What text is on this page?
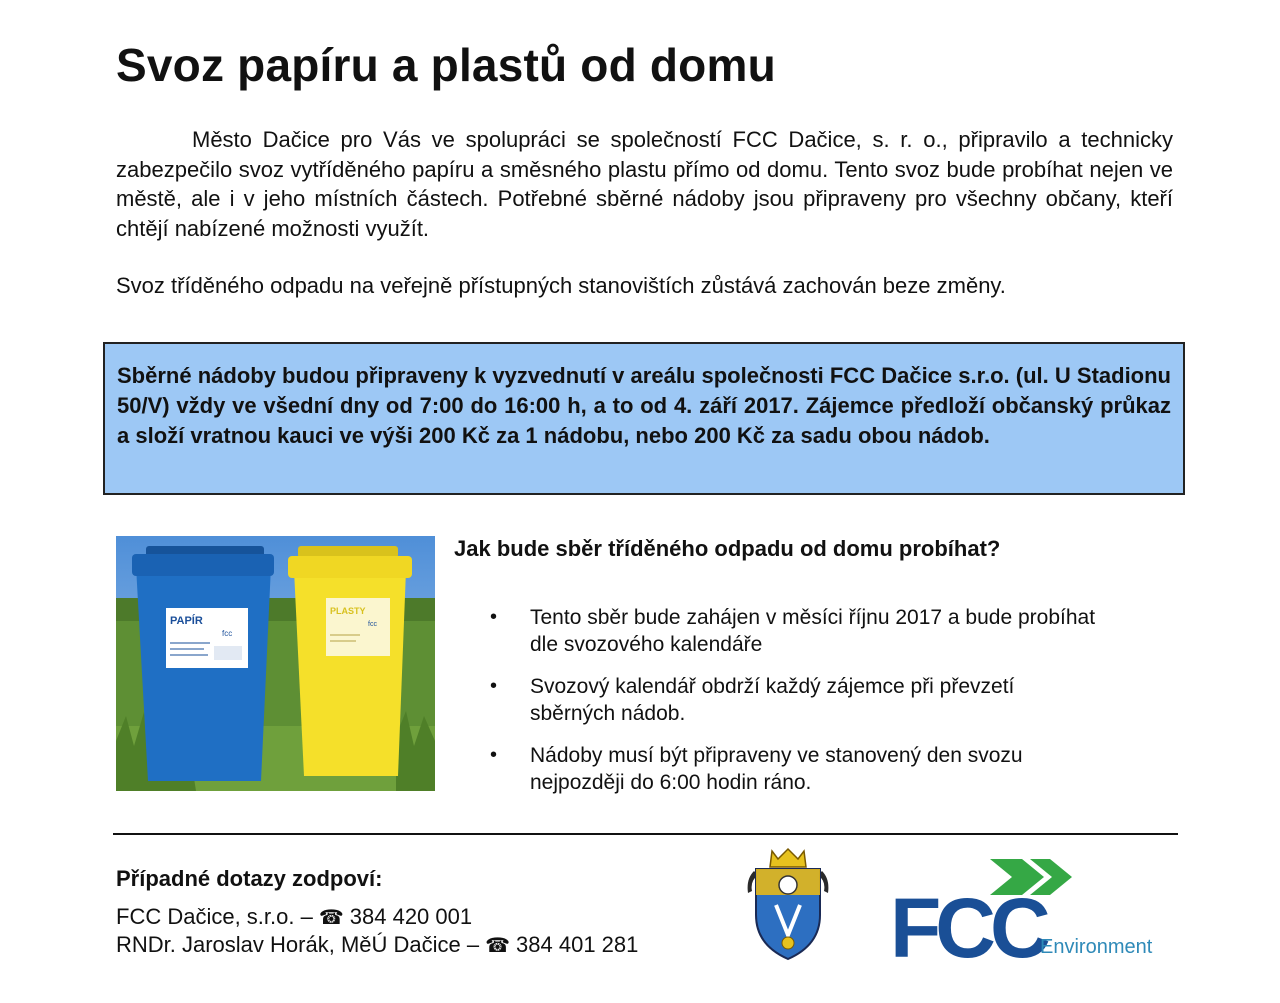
Svoz papíru a plastů od domu

Město Dačice pro Vás ve spolupráci se společností FCC Dačice, s. r. o., připravilo a technicky zabezpečilo svoz vytříděného papíru a směsného plastu přímo od domu. Tento svoz bude probíhat nejen ve městě, ale i v jeho místních částech. Potřebné sběrné nádoby jsou připraveny pro všechny občany, kteří chtějí nabízené možnosti využít.

Svoz tříděného odpadu na veřejně přístupných stanovištích zůstává zachován beze změny.

Sběrné nádoby budou připraveny k vyzvednutí v areálu společnosti FCC Dačice s.r.o. (ul. U Stadionu 50/V) vždy ve všední dny od 7:00 do 16:00 h, a to od 4. září 2017. Zájemce předloží občanský průkaz a složí vratnou kauci ve výši 200 Kč za 1 nádobu, nebo 200 Kč za sadu obou nádob.

PAPÍR
fcc
PLASTY
fcc
Jak bude sběr tříděného odpadu od domu probíhat?
• Tento sběr bude zahájen v měsíci říjnu 2017 a bude probíhat
dle svozového kalendáře
• Svozový kalendář obdrží každý zájemce při převzetí
sběrných nádob.
• Nádoby musí být připraveny ve stanovený den svozu
nejpozději do 6:00 hodin ráno.

Případné dotazy zodpoví:

FCC Dačice, s.r.o. – ☎ 384 420 001

RNDr. Jaroslav Horák, MěÚ Dačice – ☎ 384 401 281	FCC
Environment
